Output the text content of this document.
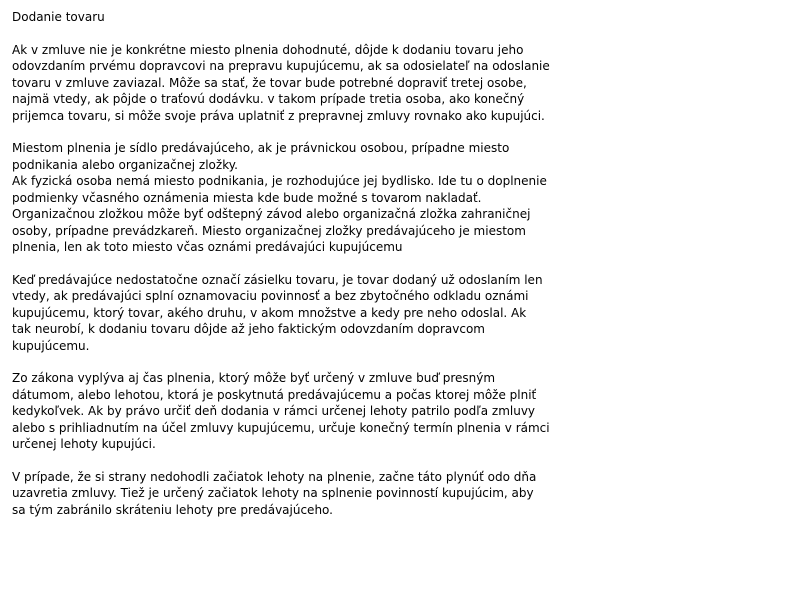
Dodanie tovaru

Ak v zmluve nie je konkrétne miesto plnenia dohodnuté, dôjde k dodaniu tovaru jeho
odovzdaním prvému dopravcovi na prepravu kupujúcemu, ak sa odosielateľ na odoslanie
tovaru v zmluve zaviazal. Môže sa stať, že tovar bude potrebné dopraviť tretej osobe,
najmä vtedy, ak pôjde o traťovú dodávku. v takom prípade tretia osoba, ako konečný
prijemca tovaru, si môže svoje práva uplatniť z prepravnej zmluvy rovnako ako kupujúci.

Miestom plnenia je sídlo predávajúceho, ak je právnickou osobou, prípadne miesto
podnikania alebo organizačnej zložky.
Ak fyzická osoba nemá miesto podnikania, je rozhodujúce jej bydlisko. Ide tu o doplnenie
podmienky včasného oznámenia miesta kde bude možné s tovarom nakladať.
Organizačnou zložkou môže byť odštepný závod alebo organizačná zložka zahraničnej
osoby, prípadne prevádzkareň. Miesto organizačnej zložky predávajúceho je miestom
plnenia, len ak toto miesto včas oznámi predávajúci kupujúcemu

Keď predávajúce nedostatočne označí zásielku tovaru, je tovar dodaný už odoslaním len
vtedy, ak predávajúci splní oznamovaciu povinnosť a bez zbytočného odkladu oznámi
kupujúcemu, ktorý tovar, akého druhu, v akom množstve a kedy pre neho odoslal. Ak
tak neurobí, k dodaniu tovaru dôjde až jeho faktickým odovzdaním dopravcom
kupujúcemu.

Zo zákona vyplýva aj čas plnenia, ktorý môže byť určený v zmluve buď presným
dátumom, alebo lehotou, ktorá je poskytnutá predávajúcemu a počas ktorej môže plniť
kedykoľvek. Ak by právo určiť deň dodania v rámci určenej lehoty patrilo podľa zmluvy
alebo s prihliadnutím na účel zmluvy kupujúcemu, určuje konečný termín plnenia v rámci
určenej lehoty kupujúci.

V prípade, že si strany nedohodli začiatok lehoty na plnenie, začne táto plynúť odo dňa
uzavretia zmluvy. Tiež je určený začiatok lehoty na splnenie povinností kupujúcim, aby
sa tým zabránilo skráteniu lehoty pre predávajúceho.
